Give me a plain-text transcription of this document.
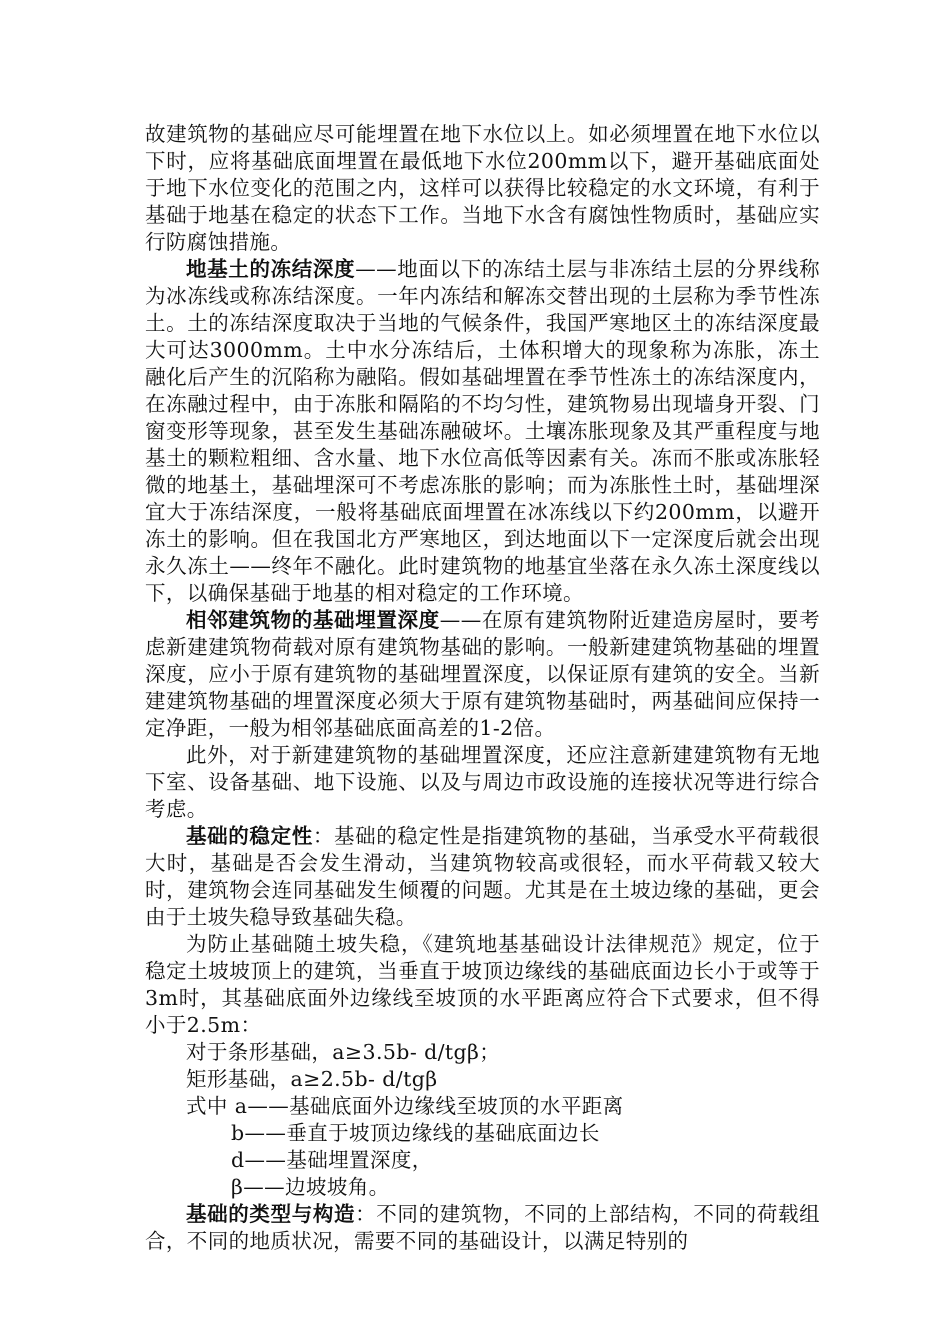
故建筑物的基础应尽可能埋置在地下水位以上。如必须埋置在地下水位以下时，应将基础底面埋置在最低地下水位200mm以下，避开基础底面处于地下水位变化的范围之内，这样可以获得比较稳定的水文环境，有利于基础于地基在稳定的状态下工作。当地下水含有腐蚀性物质时，基础应实行防腐蚀措施。

地基土的冻结深度——地面以下的冻结土层与非冻结土层的分界线称为冰冻线或称冻结深度。一年内冻结和解冻交替出现的土层称为季节性冻土。土的冻结深度取决于当地的气候条件，我国严寒地区土的冻结深度最大可达3000mm。土中水分冻结后，土体积增大的现象称为冻胀，冻土融化后产生的沉陷称为融陷。假如基础埋置在季节性冻土的冻结深度内，在冻融过程中，由于冻胀和隔陷的不均匀性，建筑物易出现墙身开裂、门窗变形等现象，甚至发生基础冻融破坏。土壤冻胀现象及其严重程度与地基土的颗粒粗细、含水量、地下水位高低等因素有关。冻而不胀或冻胀轻微的地基土，基础埋深可不考虑冻胀的影响；而为冻胀性土时，基础埋深宜大于冻结深度，一般将基础底面埋置在冰冻线以下约200mm，以避开冻土的影响。但在我国北方严寒地区，到达地面以下一定深度后就会出现永久冻土——终年不融化。此时建筑物的地基宜坐落在永久冻土深度线以下，以确保基础于地基的相对稳定的工作环境。

相邻建筑物的基础埋置深度——在原有建筑物附近建造房屋时，要考虑新建建筑物荷载对原有建筑物基础的影响。一般新建建筑物基础的埋置深度，应小于原有建筑物的基础埋置深度，以保证原有建筑的安全。当新建建筑物基础的埋置深度必须大于原有建筑物基础时，两基础间应保持一定净距，一般为相邻基础底面高差的1-2倍。

此外，对于新建建筑物的基础埋置深度，还应注意新建建筑物有无地下室、设备基础、地下设施、以及与周边市政设施的连接状况等进行综合考虑。

基础的稳定性：基础的稳定性是指建筑物的基础，当承受水平荷载很大时，基础是否会发生滑动，当建筑物较高或很轻，而水平荷载又较大时，建筑物会连同基础发生倾覆的问题。尤其是在土坡边缘的基础，更会由于土坡失稳导致基础失稳。

为防止基础随土坡失稳，《建筑地基基础设计法律规范》规定，位于稳定土坡坡顶上的建筑，当垂直于坡顶边缘线的基础底面边长小于或等于3m时，其基础底面外边缘线至坡顶的水平距离应符合下式要求，但不得小于2.5m：

对于条形基础，a≥3.5b- d/tgβ；

矩形基础，a≥2.5b- d/tgβ

式中 a——基础底面外边缘线至坡顶的水平距离

b——垂直于坡顶边缘线的基础底面边长

d——基础埋置深度，

β——边坡坡角。

基础的类型与构造：不同的建筑物，不同的上部结构，不同的荷载组合，不同的地质状况，需要不同的基础设计，以满足特别的
